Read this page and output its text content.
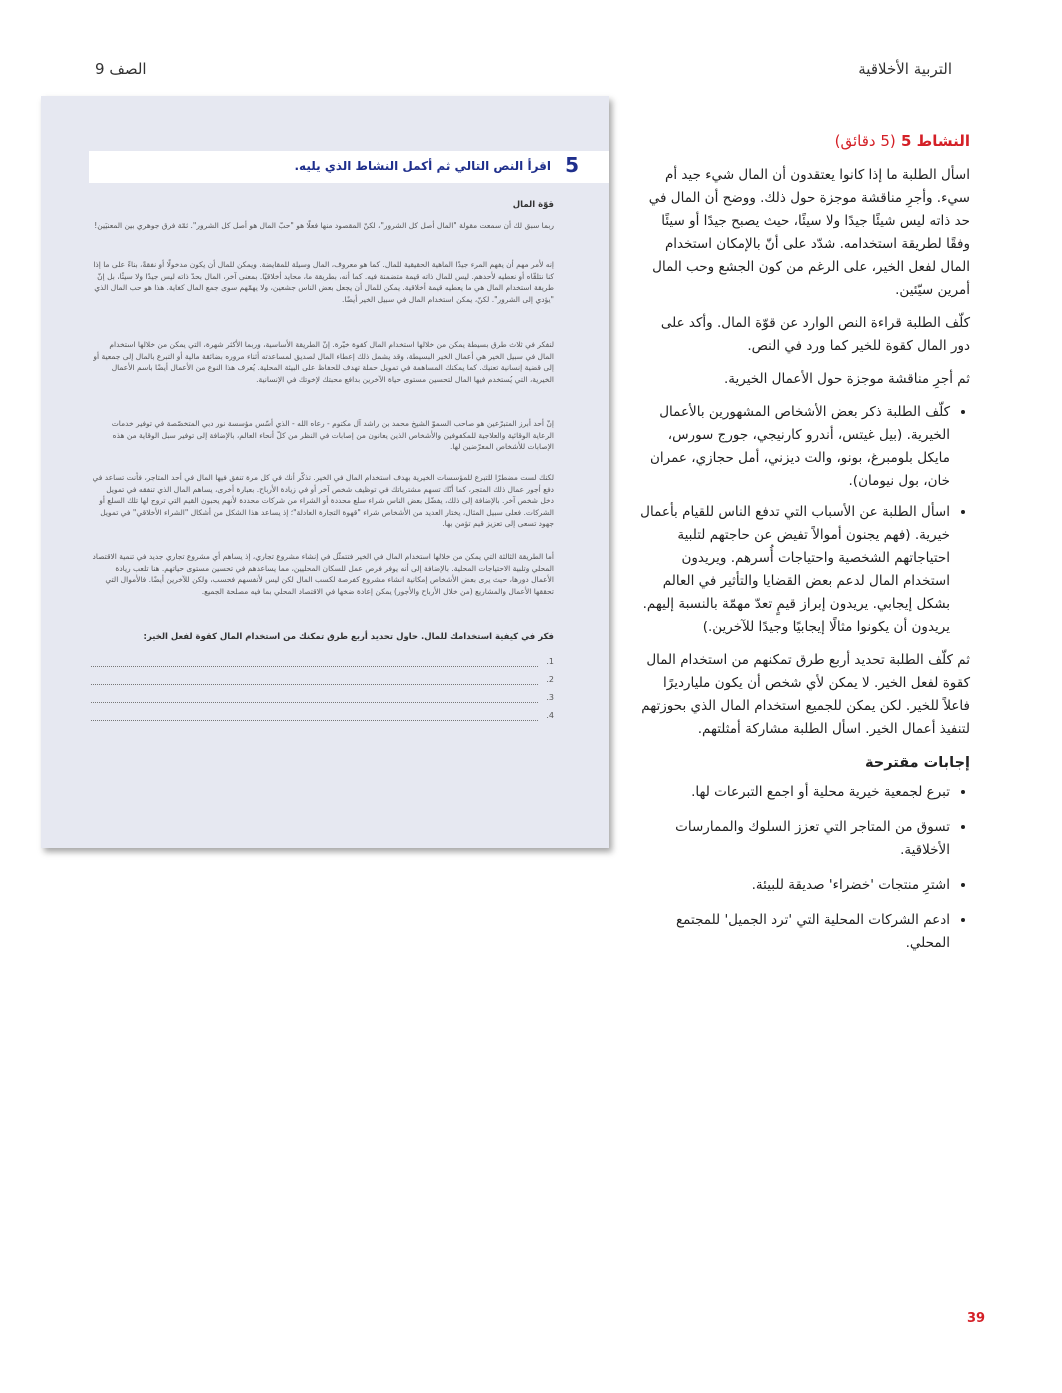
التربية الأخلاقية
الصف 9
5
اقرأ النص التالي ثم أكمل النشاط الذي يليه.
قوّة المال

ربما سبق لك أن سمعت مقولة "المال أصل كل الشرور"، لكنّ المقصود منها فعلًا هو "حبّ المال هو أصل كل الشرور". ثمّة فرق جوهري بين المعنيَين!

إنه لأمر مهم أن يفهم المرء جيدًا الماهية الحقيقية للمال. كما هو معروف، المال وسيلة للمقايضة. ويمكن للمال أن يكون مدخولًا أو نفقةً، بناءً على ما إذا كنا نتلقّاه أو نعطيه لأحدهم. ليس للمال ذاته قيمة متضمنة فيه. كما أنه، بطريقة ما، محايد أخلاقيًا. بمعنى آخر، المال بحدّ ذاته ليس جيدًا ولا سيئًا، بل إنّ طريقة استخدام المال هي ما يعطيه قيمة أخلاقية. يمكن للمال أن يجعل بعض الناس جشعين، ولا يهمّهم سوى جمع المال كغاية. هذا هو حب المال الذي "يؤدي إلى الشرور". لكنّ، يمكن استخدام المال في سبيل الخير أيضًا.

لنفكر في ثلاث طرق بسيطة يمكن من خلالها استخدام المال كقوة خيّرة. إنّ الطريقة الأساسية، وربما الأكثر شهرة، التي يمكن من خلالها استخدام المال في سبيل الخير هي أعمال الخير البسيطة، وقد يشمل ذلك إعطاء المال لصديق لمساعدته أثناء مروره بضائقة مالية أو التبرع بالمال إلى جمعية أو إلى قضية إنسانية تعنيك. كما يمكنك المساهمة في تمويل حملة تهدف للحفاظ على البيئة المحلية. يُعرف هذا النوع من الأعمال أيضًا باسم الأعمال الخيرية، التي يُستخدم فيها المال لتحسين مستوى حياة الآخرين بدافع محبتك لإخوتك في الإنسانية.

إنّ أحد أبرز المتبرّعين هو صاحب السموّ الشيخ محمد بن راشد آل مكتوم - رعاه الله - الذي أسّس مؤسسة نور دبي المتخصّصة في توفير خدمات الرعاية الوقائية والعلاجية للمكفوفين والأشخاص الذين يعانون من إصابات في النظر من كلّ أنحاء العالم، بالإضافة إلى توفير سبل الوقاية من هذه الإصابات للأشخاص المعرّضين لها.

لكنك لست مضطرًا للتبرع للمؤسسات الخيرية بهدف استخدام المال في الخير. تذكّر أنك في كل مرة تنفق فيها المال في أحد المتاجر، فأنت تساعد في دفع أجور عمال ذلك المتجر، كما أنّك تسهم مشترياتك في توظيف شخص آخر أو في زيادة الأرباح. بعبارة أخرى، يساهم المال الذي تنفقه في تمويل دخل شخص آخر. بالإضافة إلى ذلك، يفضّل بعض الناس شراء سلع محددة أو الشراء من شركات محددة لأنهم يحبون القيم التي تروج لها تلك السلع أو الشركات. فعلى سبيل المثال، يختار العديد من الأشخاص شراء "قهوة التجارة العادلة"؛ إذ يساعد هذا الشكل من أشكال "الشراء الأخلاقي" في تمويل جهود تسعى إلى تعزيز قيم تؤمن بها.

أما الطريقة الثالثة التي يمكن من خلالها استخدام المال في الخير فتتمثّل في إنشاء مشروع تجاري، إذ يساهم أي مشروع تجاري جديد في تنمية الاقتصاد المحلي وتلبية الاحتياجات المحلية. بالإضافة إلى أنه يوفر فرص عمل للسكان المحليين، مما يساعدهم في تحسين مستوى حياتهم. هنا تلعب ريادة الأعمال دورها، حيث يرى بعض الأشخاص إمكانية انشاء مشروع كفرصة لكسب المال لكن ليس لأنفسهم فحسب، ولكن للآخرين أيضًا. فالأموال التي تحققها الأعمال والمشاريع (من خلال الأرباح والأجور) يمكن إعادة ضخها في الاقتصاد المحلي بما فيه مصلحة الجميع.

فكر في كيفية استخدامك للمال. حاول تحديد أربع طرق تمكنك من استخدام المال كقوة لفعل الخير:
1.
2.
3.
4.
النشاط 5 (5 دقائق)

اسأل الطلبة ما إذا كانوا يعتقدون أن المال شيء جيد أم سيء. وأجرِ مناقشة موجزة حول ذلك. ووضح أن المال في حد ذاته ليس شيئًا جيدًا ولا سيئًا، حيث يصبح جيدًا أو سيئًا وفقًا لطريقة استخدامه. شدّد على أنّ بالإمكان استخدام المال لفعل الخير، على الرغم من كون الجشع وحب المال أمرين سيّئين.

كلّف الطلبة قراءة النص الوارد عن قوّة المال. وأكد على دور المال كقوة للخير كما ورد في النص.

ثم أجرِ مناقشة موجزة حول الأعمال الخيرية.

• كلّف الطلبة ذكر بعض الأشخاص المشهورين بالأعمال الخيرية. (بيل غيتس، أندرو كارنيجي، جورج سورس، مايكل بلومبرغ، بونو، والت ديزني، أمل حجازي، عمران خان، بول نيومان).
• اسأل الطلبة عن الأسباب التي تدفع الناس للقيام بأعمال خيرية. (فهم يجنون أموالاً تفيض عن حاجتهم لتلبية احتياجاتهم الشخصية واحتياجات أُسرهم. ويريدون استخدام المال لدعم بعض القضايا والتأثير في العالم بشكل إيجابي. يريدون إبراز قيمٍ تعدّ مهمّة بالنسبة إليهم. يريدون أن يكونوا مثالًا إيجابيًا وجيدًا للآخرين.)

ثم كلّف الطلبة تحديد أربع طرق تمكنهم من استخدام المال كقوة لفعل الخير. لا يمكن لأي شخص أن يكون مليارديرًا فاعلاً للخير. لكن يمكن للجميع استخدام المال الذي بحوزتهم لتنفيذ أعمال الخير. اسأل الطلبة مشاركة أمثلتهم.

إجابات مقترحة
• تبرع لجمعية خيرية محلية أو اجمع التبرعات لها.
• تسوق من المتاجر التي تعزز السلوك والممارسات الأخلاقية.
• اشترِ منتجات 'خضراء' صديقة للبيئة.
• ادعم الشركات المحلية التي 'ترد الجميل' للمجتمع المحلي.
39
